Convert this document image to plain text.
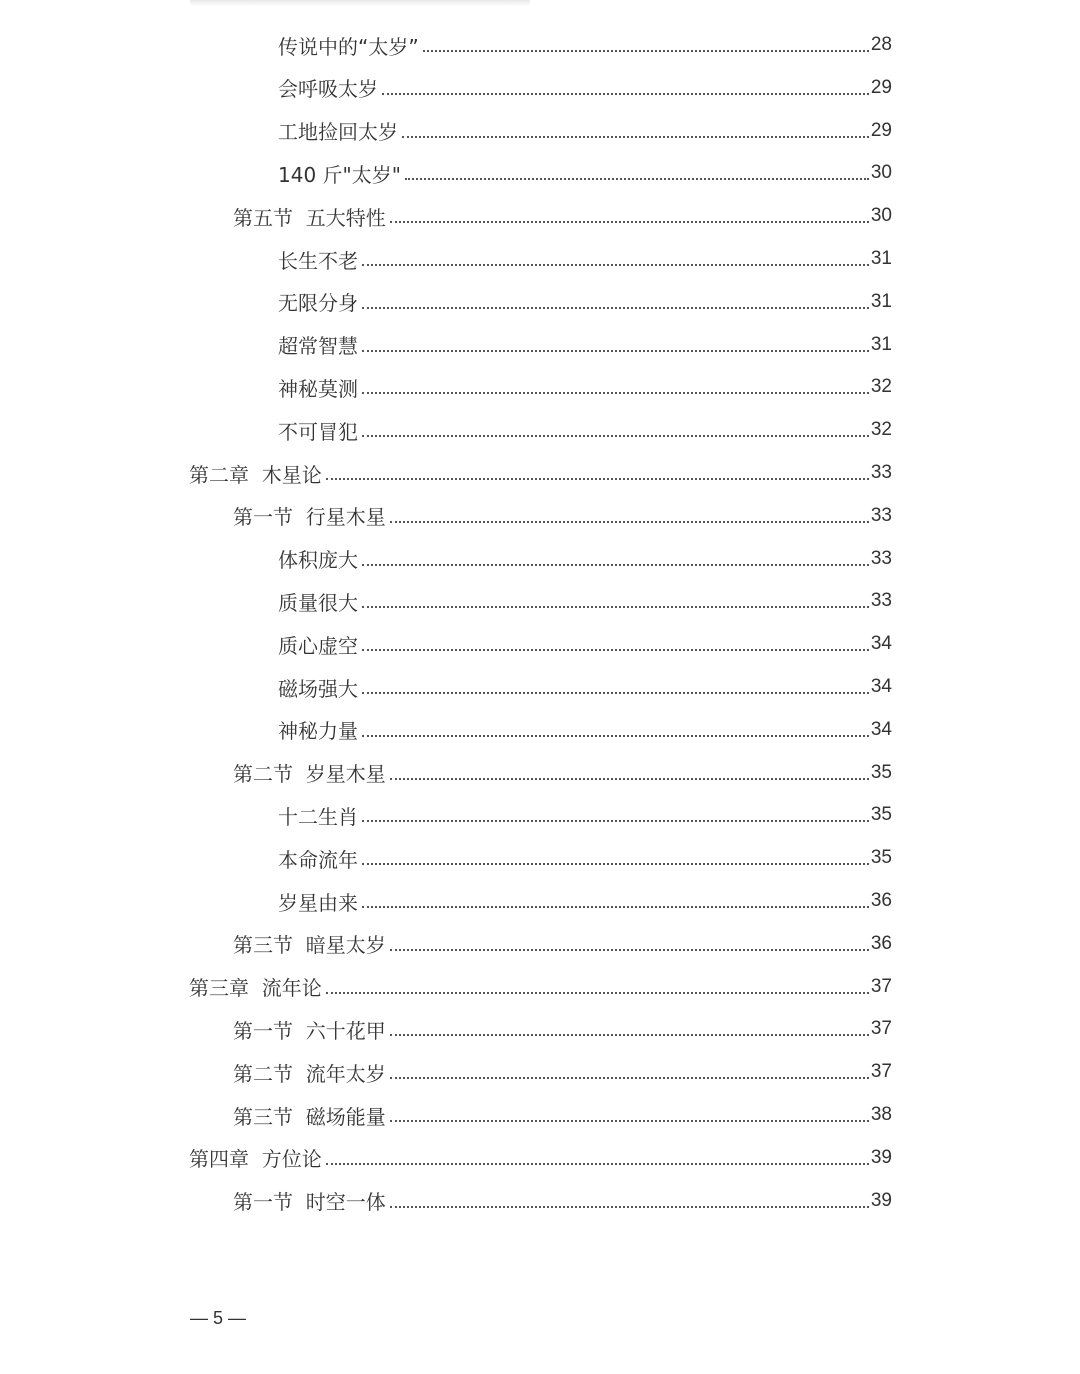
传说中的“太岁”	28
会呼吸太岁	29
工地捡回太岁	29
140 斤"太岁"	30
第五节  五大特性	30
长生不老	31
无限分身	31
超常智慧	31
神秘莫测	32
不可冒犯	32
第二章  木星论	33
第一节  行星木星	33
体积庞大	33
质量很大	33
质心虚空	34
磁场强大	34
神秘力量	34
第二节  岁星木星	35
十二生肖	35
本命流年	35
岁星由来	36
第三节  暗星太岁	36
第三章  流年论	37
第一节  六十花甲	37
第二节  流年太岁	37
第三节  磁场能量	38
第四章  方位论	39
第一节  时空一体	39
— 5 —
